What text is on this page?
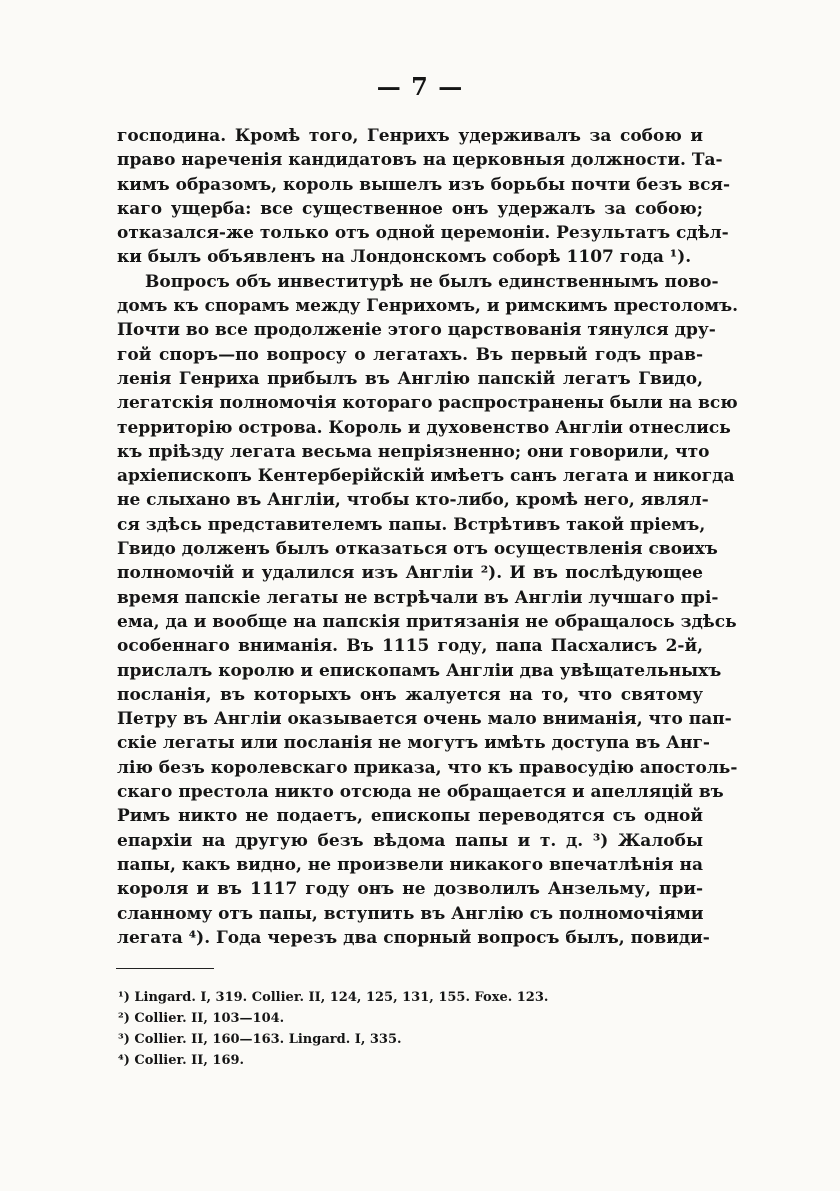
— 7 —
господина. Кромѣ того, Генрихъ удерживалъ за собою и
право нареченія кандидатовъ на церковныя должности. Та-
кимъ образомъ, король вышелъ изъ борьбы почти безъ вся-
каго ущерба: все существенное онъ удержалъ за собою;
отказался-же только отъ одной церемоніи. Результатъ сдѣл-
ки былъ объявленъ на Лондонскомъ соборѣ 1107 года ¹).
Вопросъ объ инвеститурѣ не былъ единственнымъ пово-
домъ къ спорамъ между Генрихомъ, и римскимъ престоломъ.
Почти во все продолженіе этого царствованія тянулся дру-
гой споръ—по вопросу о легатахъ. Въ первый годъ прав-
ленія Генриха прибылъ въ Англію папскій легатъ Гвидо,
легатскія полномочія котораго распространены были на всю
территорію острова. Король и духовенство Англіи отнеслись
къ пріѣзду легата весьма непріязненно; они говорили, что
архіепископъ Кентерберійскій имѣетъ санъ легата и никогда
не слыхано въ Англіи, чтобы кто-либо, кромѣ него, являл-
ся здѣсь представителемъ папы. Встрѣтивъ такой пріемъ,
Гвидо долженъ былъ отказаться отъ осуществленія своихъ
полномочій и удалился изъ Англіи ²). И въ послѣдующее
время папскіе легаты не встрѣчали въ Англіи лучшаго прі-
ема, да и вообще на папскія притязанія не обращалось здѣсь
особеннаго вниманія. Въ 1115 году, папа Пасхалисъ 2-й,
прислалъ королю и епископамъ Англіи два увѣщательныхъ
посланія, въ которыхъ онъ жалуется на то, что святому
Петру въ Англіи оказывается очень мало вниманія, что пап-
скіе легаты или посланія не могутъ имѣть доступа въ Анг-
лію безъ королевскаго приказа, что къ правосудію апостоль-
скаго престола никто отсюда не обращается и апелляцій въ
Римъ никто не подаетъ, епископы переводятся съ одной
епархіи на другую безъ вѣдома папы и т. д. ³) Жалобы
папы, какъ видно, не произвели никакого впечатлѣнія на
короля и въ 1117 году онъ не дозволилъ Анзельму, при-
сланному отъ папы, вступить въ Англію съ полномочіями
легата ⁴). Года черезъ два спорный вопросъ былъ, повиди-
¹) Lingard. I, 319. Collier. II, 124, 125, 131, 155. Foxe. 123.
²) Collier. II, 103—104.
³) Collier. II, 160—163. Lingard. I, 335.
⁴) Collier. II, 169.
